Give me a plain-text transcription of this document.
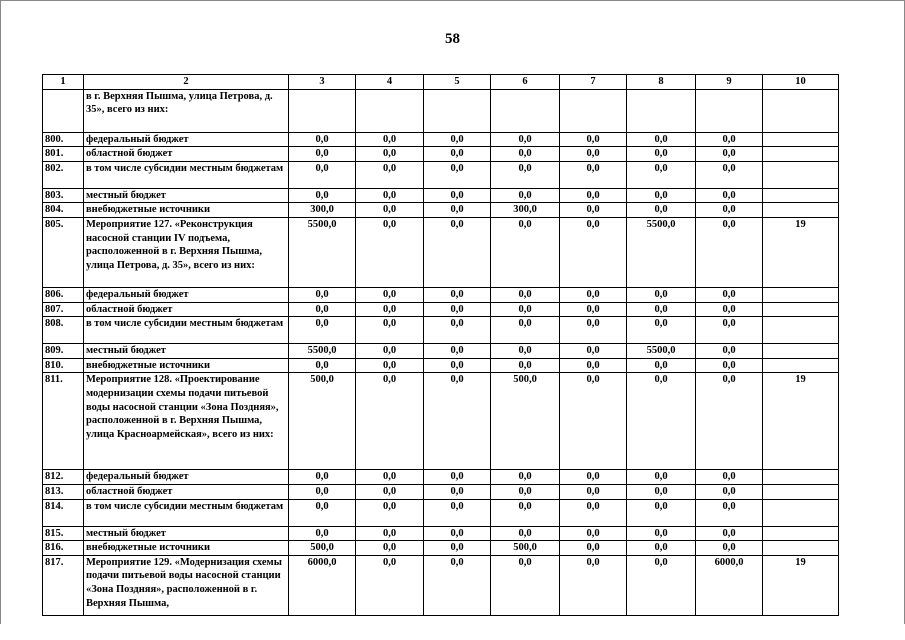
58
1	2	3	4	5	6	7	8	9	10
	в г. Верхняя Пышма, улица Петрова, д. 35», всего из них:								
800.	федеральный бюджет	0,0	0,0	0,0	0,0	0,0	0,0	0,0	
801.	областной бюджет	0,0	0,0	0,0	0,0	0,0	0,0	0,0	
802.	в том числе субсидии местным бюджетам	0,0	0,0	0,0	0,0	0,0	0,0	0,0	
803.	местный бюджет	0,0	0,0	0,0	0,0	0,0	0,0	0,0	
804.	внебюджетные источники	300,0	0,0	0,0	300,0	0,0	0,0	0,0	
805.	Мероприятие 127. «Реконструкция насосной станции IV подъема, расположенной в г. Верхняя Пышма, улица Петрова, д. 35», всего из них:	5500,0	0,0	0,0	0,0	0,0	5500,0	0,0	19
806.	федеральный бюджет	0,0	0,0	0,0	0,0	0,0	0,0	0,0	
807.	областной бюджет	0,0	0,0	0,0	0,0	0,0	0,0	0,0	
808.	в том числе субсидии местным бюджетам	0,0	0,0	0,0	0,0	0,0	0,0	0,0	
809.	местный бюджет	5500,0	0,0	0,0	0,0	0,0	5500,0	0,0	
810.	внебюджетные источники	0,0	0,0	0,0	0,0	0,0	0,0	0,0	
811.	Мероприятие 128. «Проектирование модернизации схемы подачи питьевой воды насосной станции «Зона Поздняя», расположенной в г. Верхняя Пышма, улица Красноармейская», всего из них:	500,0	0,0	0,0	500,0	0,0	0,0	0,0	19
812.	федеральный бюджет	0,0	0,0	0,0	0,0	0,0	0,0	0,0	
813.	областной бюджет	0,0	0,0	0,0	0,0	0,0	0,0	0,0	
814.	в том числе субсидии местным бюджетам	0,0	0,0	0,0	0,0	0,0	0,0	0,0	
815.	местный бюджет	0,0	0,0	0,0	0,0	0,0	0,0	0,0	
816.	внебюджетные источники	500,0	0,0	0,0	500,0	0,0	0,0	0,0	
817.	Мероприятие 129. «Модернизация схемы подачи питьевой воды насосной станции «Зона Поздняя», расположенной в г. Верхняя Пышма,	6000,0	0,0	0,0	0,0	0,0	0,0	6000,0	19
